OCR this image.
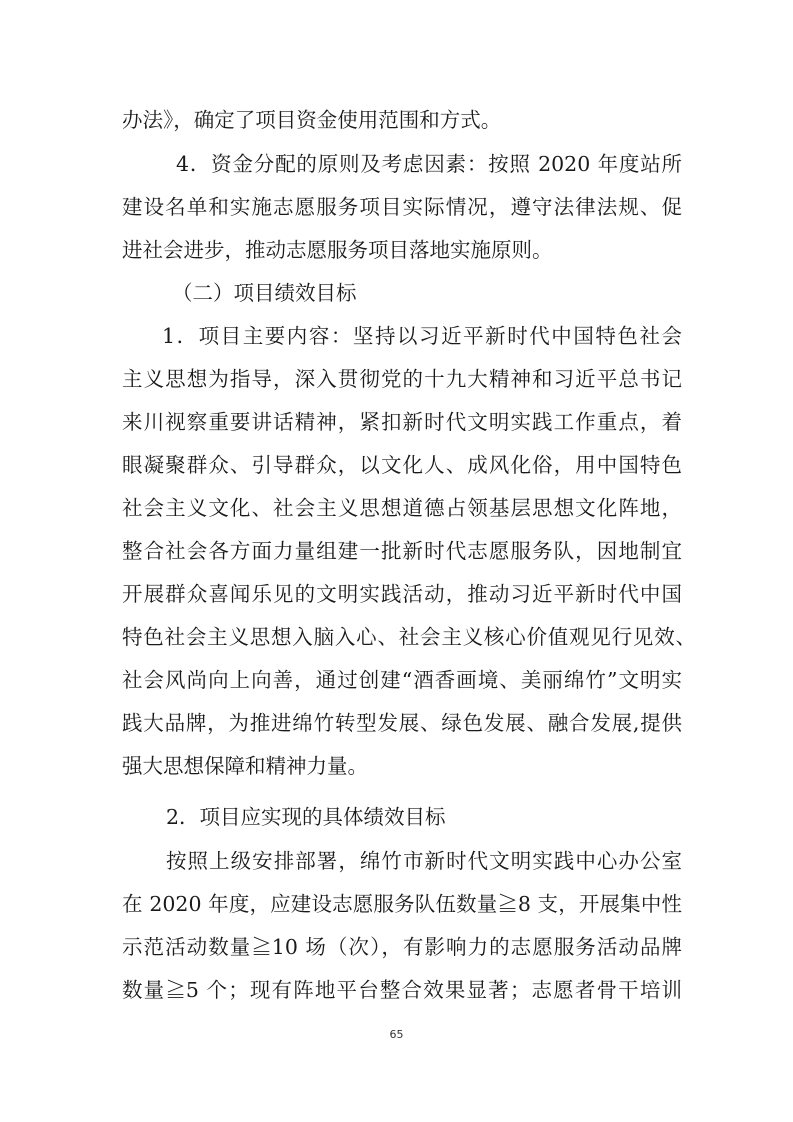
办法》，确定了项目资金使用范围和方式。
4．资金分配的原则及考虑因素：按照 2020 年度站所
建设名单和实施志愿服务项目实际情况，遵守法律法规、促
进社会进步，推动志愿服务项目落地实施原则。
（二）项目绩效目标
1．项目主要内容：坚持以习近平新时代中国特色社会
主义思想为指导，深入贯彻党的十九大精神和习近平总书记
来川视察重要讲话精神，紧扣新时代文明实践工作重点，着
眼凝聚群众、引导群众，以文化人、成风化俗，用中国特色
社会主义文化、社会主义思想道德占领基层思想文化阵地，
整合社会各方面力量组建一批新时代志愿服务队，因地制宜
开展群众喜闻乐见的文明实践活动，推动习近平新时代中国
特色社会主义思想入脑入心、社会主义核心价值观见行见效、
社会风尚向上向善，通过创建“酒香画境、美丽绵竹”文明实
践大品牌，为推进绵竹转型发展、绿色发展、融合发展,提供
强大思想保障和精神力量。
2．项目应实现的具体绩效目标
按照上级安排部署，绵竹市新时代文明实践中心办公室
在 2020 年度，应建设志愿服务队伍数量≧8 支，开展集中性
示范活动数量≧10 场（次），有影响力的志愿服务活动品牌
数量≧5 个；现有阵地平台整合效果显著；志愿者骨干培训
65
